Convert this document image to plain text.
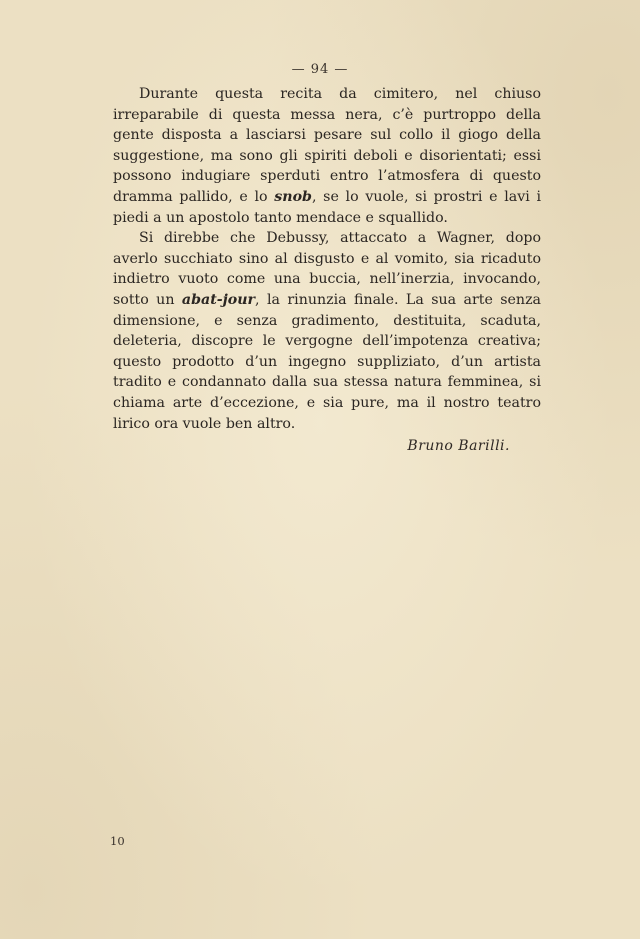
— 94 —

Durante questa recita da cimitero, nel chiuso irreparabile di questa messa nera, c’è purtroppo della gente disposta a lasciarsi pesare sul collo il giogo della suggestione, ma sono gli spiriti deboli e disorientati; essi possono indugiare sperduti entro l’atmosfera di questo dramma pallido, e lo snob, se lo vuole, si prostri e lavi i piedi a un apostolo tanto mendace e squallido.

Si direbbe che Debussy, attaccato a Wagner, dopo averlo succhiato sino al disgusto e al vomito, sia ricaduto indietro vuoto come una buccia, nell’inerzia, invocando, sotto un abat-jour, la rinunzia finale. La sua arte senza dimensione, e senza gradimento, destituita, scaduta, deleteria, discopre le vergogne dell’impotenza creativa; questo prodotto d’un ingegno suppliziato, d’un artista tradito e condannato dalla sua stessa natura femminea, si chiama arte d’eccezione, e sia pure, ma il nostro teatro lirico ora vuole ben altro.

Bruno Barilli.
10
